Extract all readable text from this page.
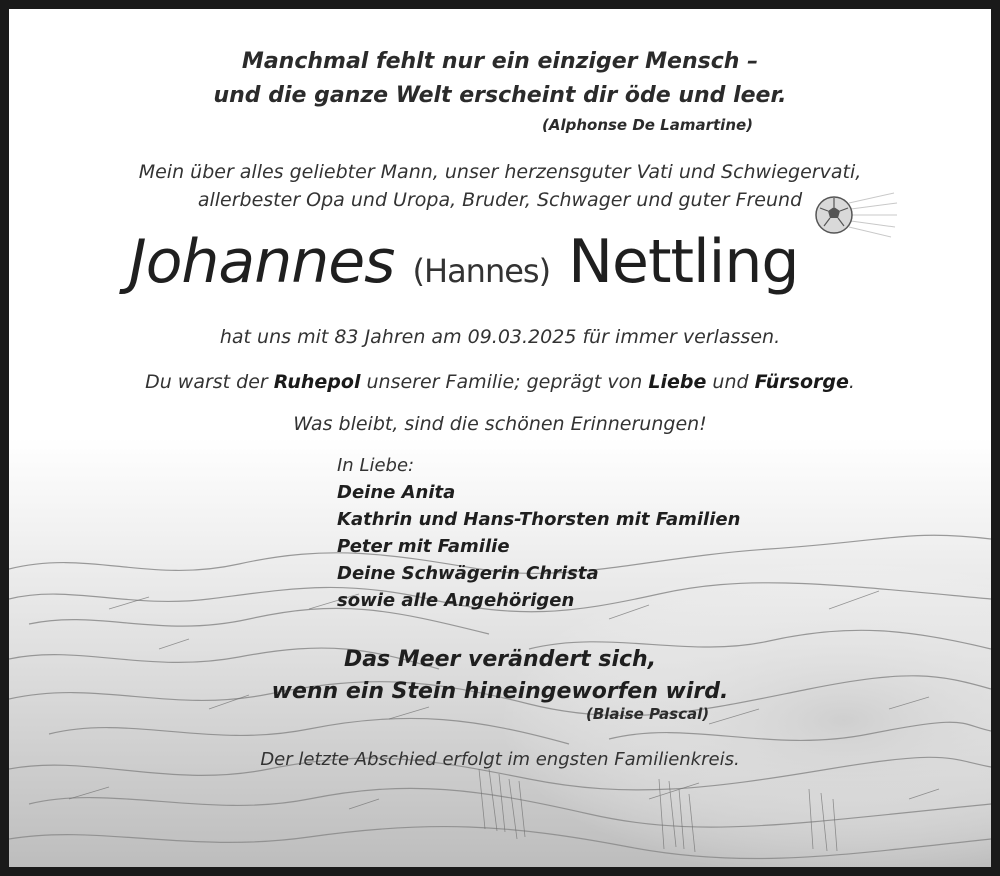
Manchmal fehlt nur ein einziger Mensch –
und die ganze Welt erscheint dir öde und leer.
(Alphonse De Lamartine)
Mein über alles geliebter Mann, unser herzensguter Vati und Schwiegervati,
allerbester Opa und Uropa, Bruder, Schwager und guter Freund
Johannes (Hannes) Nettling
hat uns mit 83 Jahren am 09.03.2025 für immer verlassen.
Du warst der Ruhepol unserer Familie; geprägt von Liebe und Fürsorge.
Was bleibt, sind die schönen Erinnerungen!
In Liebe:
Deine Anita
Kathrin und Hans-Thorsten mit Familien
Peter mit Familie
Deine Schwägerin Christa
sowie alle Angehörigen
Das Meer verändert sich,
wenn ein Stein hineingeworfen wird.
(Blaise Pascal)
Der letzte Abschied erfolgt im engsten Familienkreis.
